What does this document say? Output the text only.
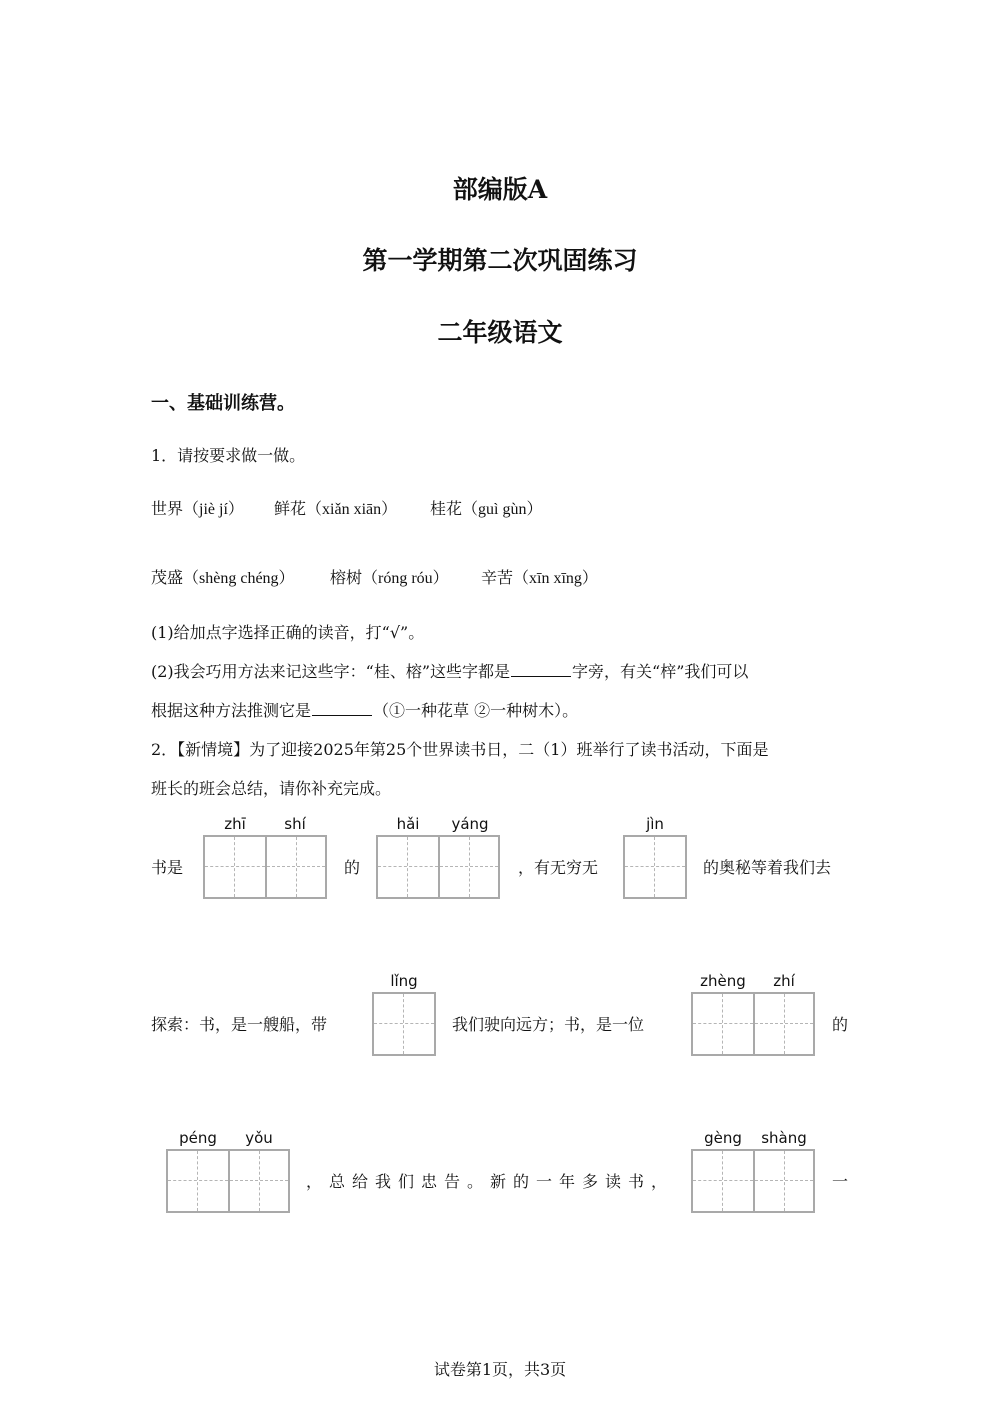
部编版A
第一学期第二次巩固练习
二年级语文
一、基础训练营。
1．请按要求做一做。
世界（jiè jí） 鲜花（xiǎn xiān） 桂花（guì gùn）
茂盛（shèng chéng） 榕树（róng róu） 辛苦（xīn xīng）
(1)给加点字选择正确的读音，打“√”。
(2)我会巧用方法来记这些字：“桂、榕”这些字都是	字旁，有关“梓”我们可以
根据这种方法推测它是	（①一种花草 ②一种树木）。
2．【新情境】为了迎接2025年第25个世界读书日，二（1）班举行了读书活动，下面是
班长的班会总结，请你补充完成。
zhī	shí	hǎi	yáng	jìn
书是	的	，有无穷无	的奥秘等着我们去
lǐng	zhèng	zhí
探索：书，是一艘船，带	我们驶向远方；书，是一位	的
péng	yǒu	gèng	shàng
，总给我们忠告。新的一年多读书，	一
试卷第1页，共3页
